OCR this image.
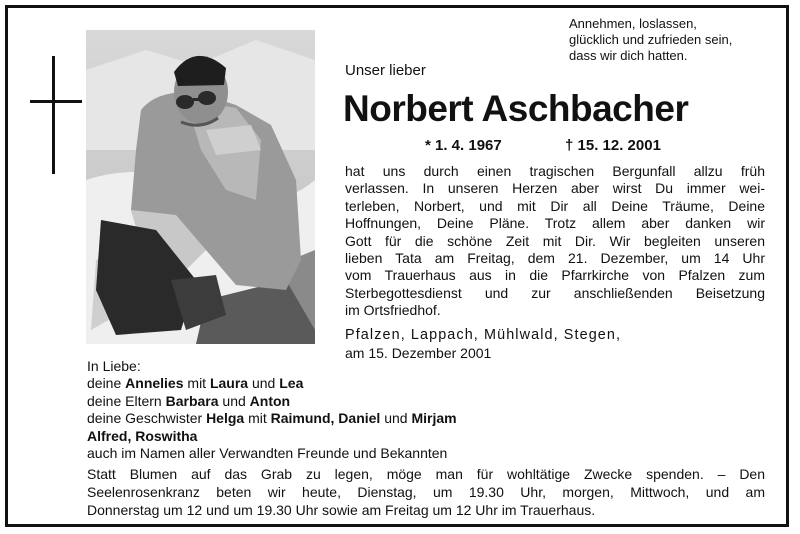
Annehmen, loslassen,
glücklich und zufrieden sein,
dass wir dich hatten.
Unser lieber
Norbert Aschbacher
* 1. 4. 1967	† 15. 12. 2001
hat uns durch einen tragischen Bergunfall allzu früh
verlassen. In unseren Herzen aber wirst Du immer wei-
terleben, Norbert, und mit Dir all Deine Träume, Deine
Hoffnungen, Deine Pläne. Trotz allem aber danken wir
Gott für die schöne Zeit mit Dir. Wir begleiten unseren
lieben Tata am Freitag, dem 21. Dezember, um 14 Uhr
vom Trauerhaus aus in die Pfarrkirche von Pfalzen zum
Sterbegottesdienst und zur anschließenden Beisetzung
im Ortsfriedhof.
Pfalzen, Lappach, Mühlwald, Stegen,
am 15. Dezember 2001
In Liebe:
deine Annelies mit Laura und Lea
deine Eltern Barbara und Anton
deine Geschwister Helga mit Raimund, Daniel und Mirjam
Alfred, Roswitha
auch im Namen aller Verwandten Freunde und Bekannten
Statt Blumen auf das Grab zu legen, möge man für wohltätige Zwecke spenden. – Den
Seelenrosenkranz beten wir heute, Dienstag, um 19.30 Uhr, morgen, Mittwoch, und am
Donnerstag um 12 und um 19.30 Uhr sowie am Freitag um 12 Uhr im Trauerhaus.
